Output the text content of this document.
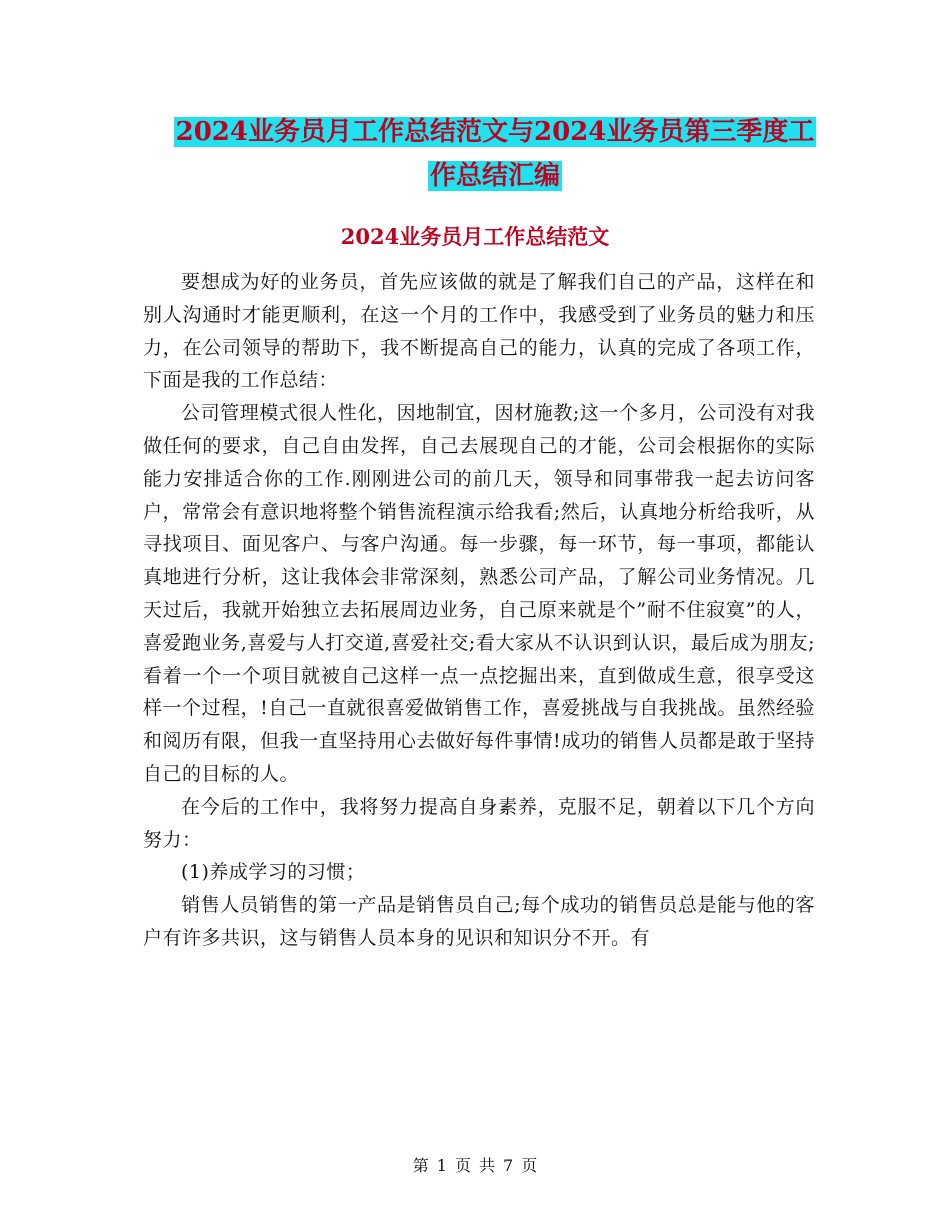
2024业务员月工作总结范文与2024业务员第三季度工
作总结汇编
2024业务员月工作总结范文

要想成为好的业务员，首先应该做的就是了解我们自己的产品，这样在和别人沟通时才能更顺利，在这一个月的工作中，我感受到了业务员的魅力和压力，在公司领导的帮助下，我不断提高自己的能力，认真的完成了各项工作，下面是我的工作总结：

公司管理模式很人性化，因地制宜，因材施教;这一个多月，公司没有对我做任何的要求，自己自由发挥，自己去展现自己的才能，公司会根据你的实际能力安排适合你的工作.刚刚进公司的前几天，领导和同事带我一起去访问客户，常常会有意识地将整个销售流程演示给我看;然后，认真地分析给我听，从寻找项目、面见客户、与客户沟通。每一步骤，每一环节，每一事项，都能认真地进行分析，这让我体会非常深刻，熟悉公司产品，了解公司业务情况。几天过后，我就开始独立去拓展周边业务，自己原来就是个”耐不住寂寞”的人，喜爱跑业务,喜爱与人打交道,喜爱社交;看大家从不认识到认识，最后成为朋友;看着一个一个项目就被自己这样一点一点挖掘出来，直到做成生意，很享受这样一个过程，!自己一直就很喜爱做销售工作，喜爱挑战与自我挑战。虽然经验和阅历有限，但我一直坚持用心去做好每件事情!成功的销售人员都是敢于坚持自己的目标的人。

在今后的工作中，我将努力提高自身素养，克服不足，朝着以下几个方向努力：

(1)养成学习的习惯；

销售人员销售的第一产品是销售员自己;每个成功的销售员总是能与他的客户有许多共识，这与销售人员本身的见识和知识分不开。有

第 1 页 共 7 页
